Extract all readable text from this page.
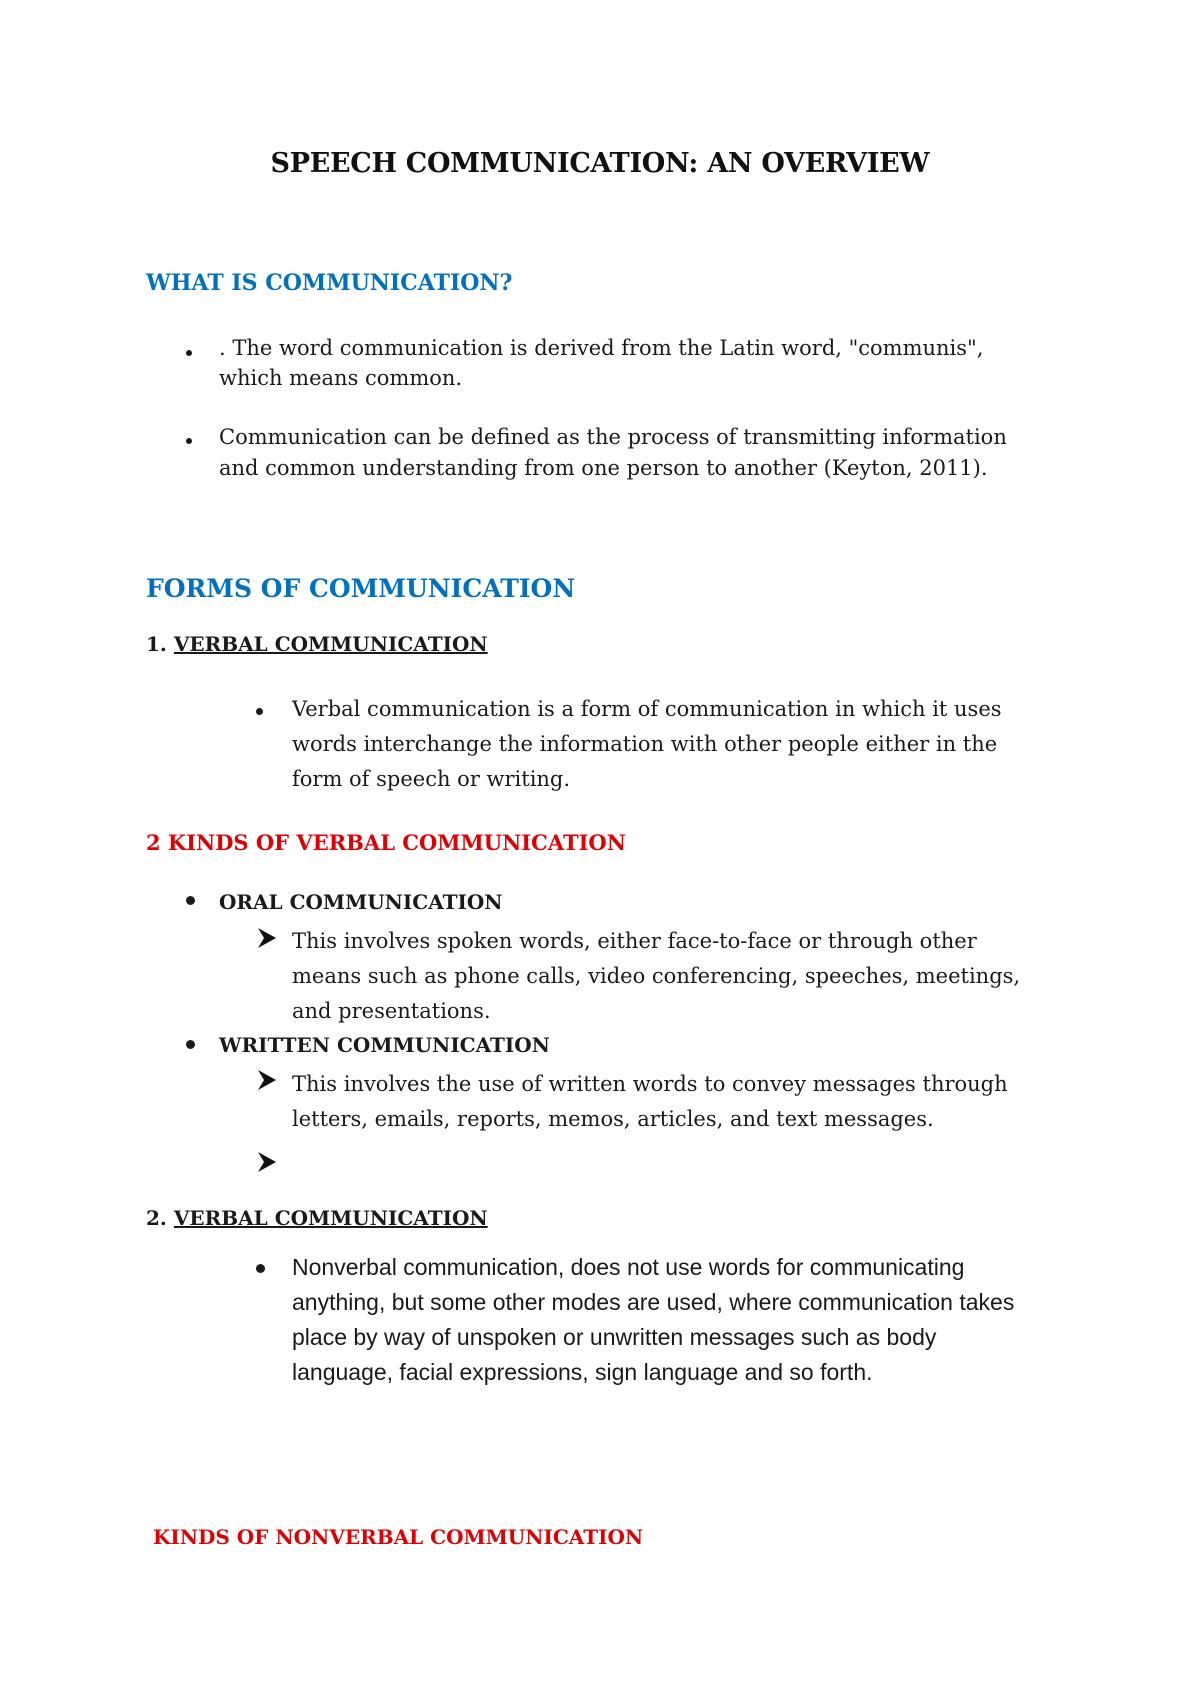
SPEECH COMMUNICATION: AN OVERVIEW
WHAT IS COMMUNICATION?
. The word communication is derived from the Latin word, "communis",
which means common.
Communication can be defined as the process of transmitting information
and common understanding from one person to another (Keyton, 2011).
FORMS OF COMMUNICATION
1. VERBAL COMMUNICATION
Verbal communication is a form of communication in which it uses
words interchange the information with other people either in the
form of speech or writing.
2 KINDS OF VERBAL COMMUNICATION
ORAL COMMUNICATION
This involves spoken words, either face-to-face or through other
means such as phone calls, video conferencing, speeches, meetings,
and presentations.
WRITTEN COMMUNICATION
This involves the use of written words to convey messages through
letters, emails, reports, memos, articles, and text messages.
2. VERBAL COMMUNICATION
Nonverbal communication, does not use words for communicating
anything, but some other modes are used, where communication takes
place by way of unspoken or unwritten messages such as body
language, facial expressions, sign language and so forth.
KINDS OF NONVERBAL COMMUNICATION
